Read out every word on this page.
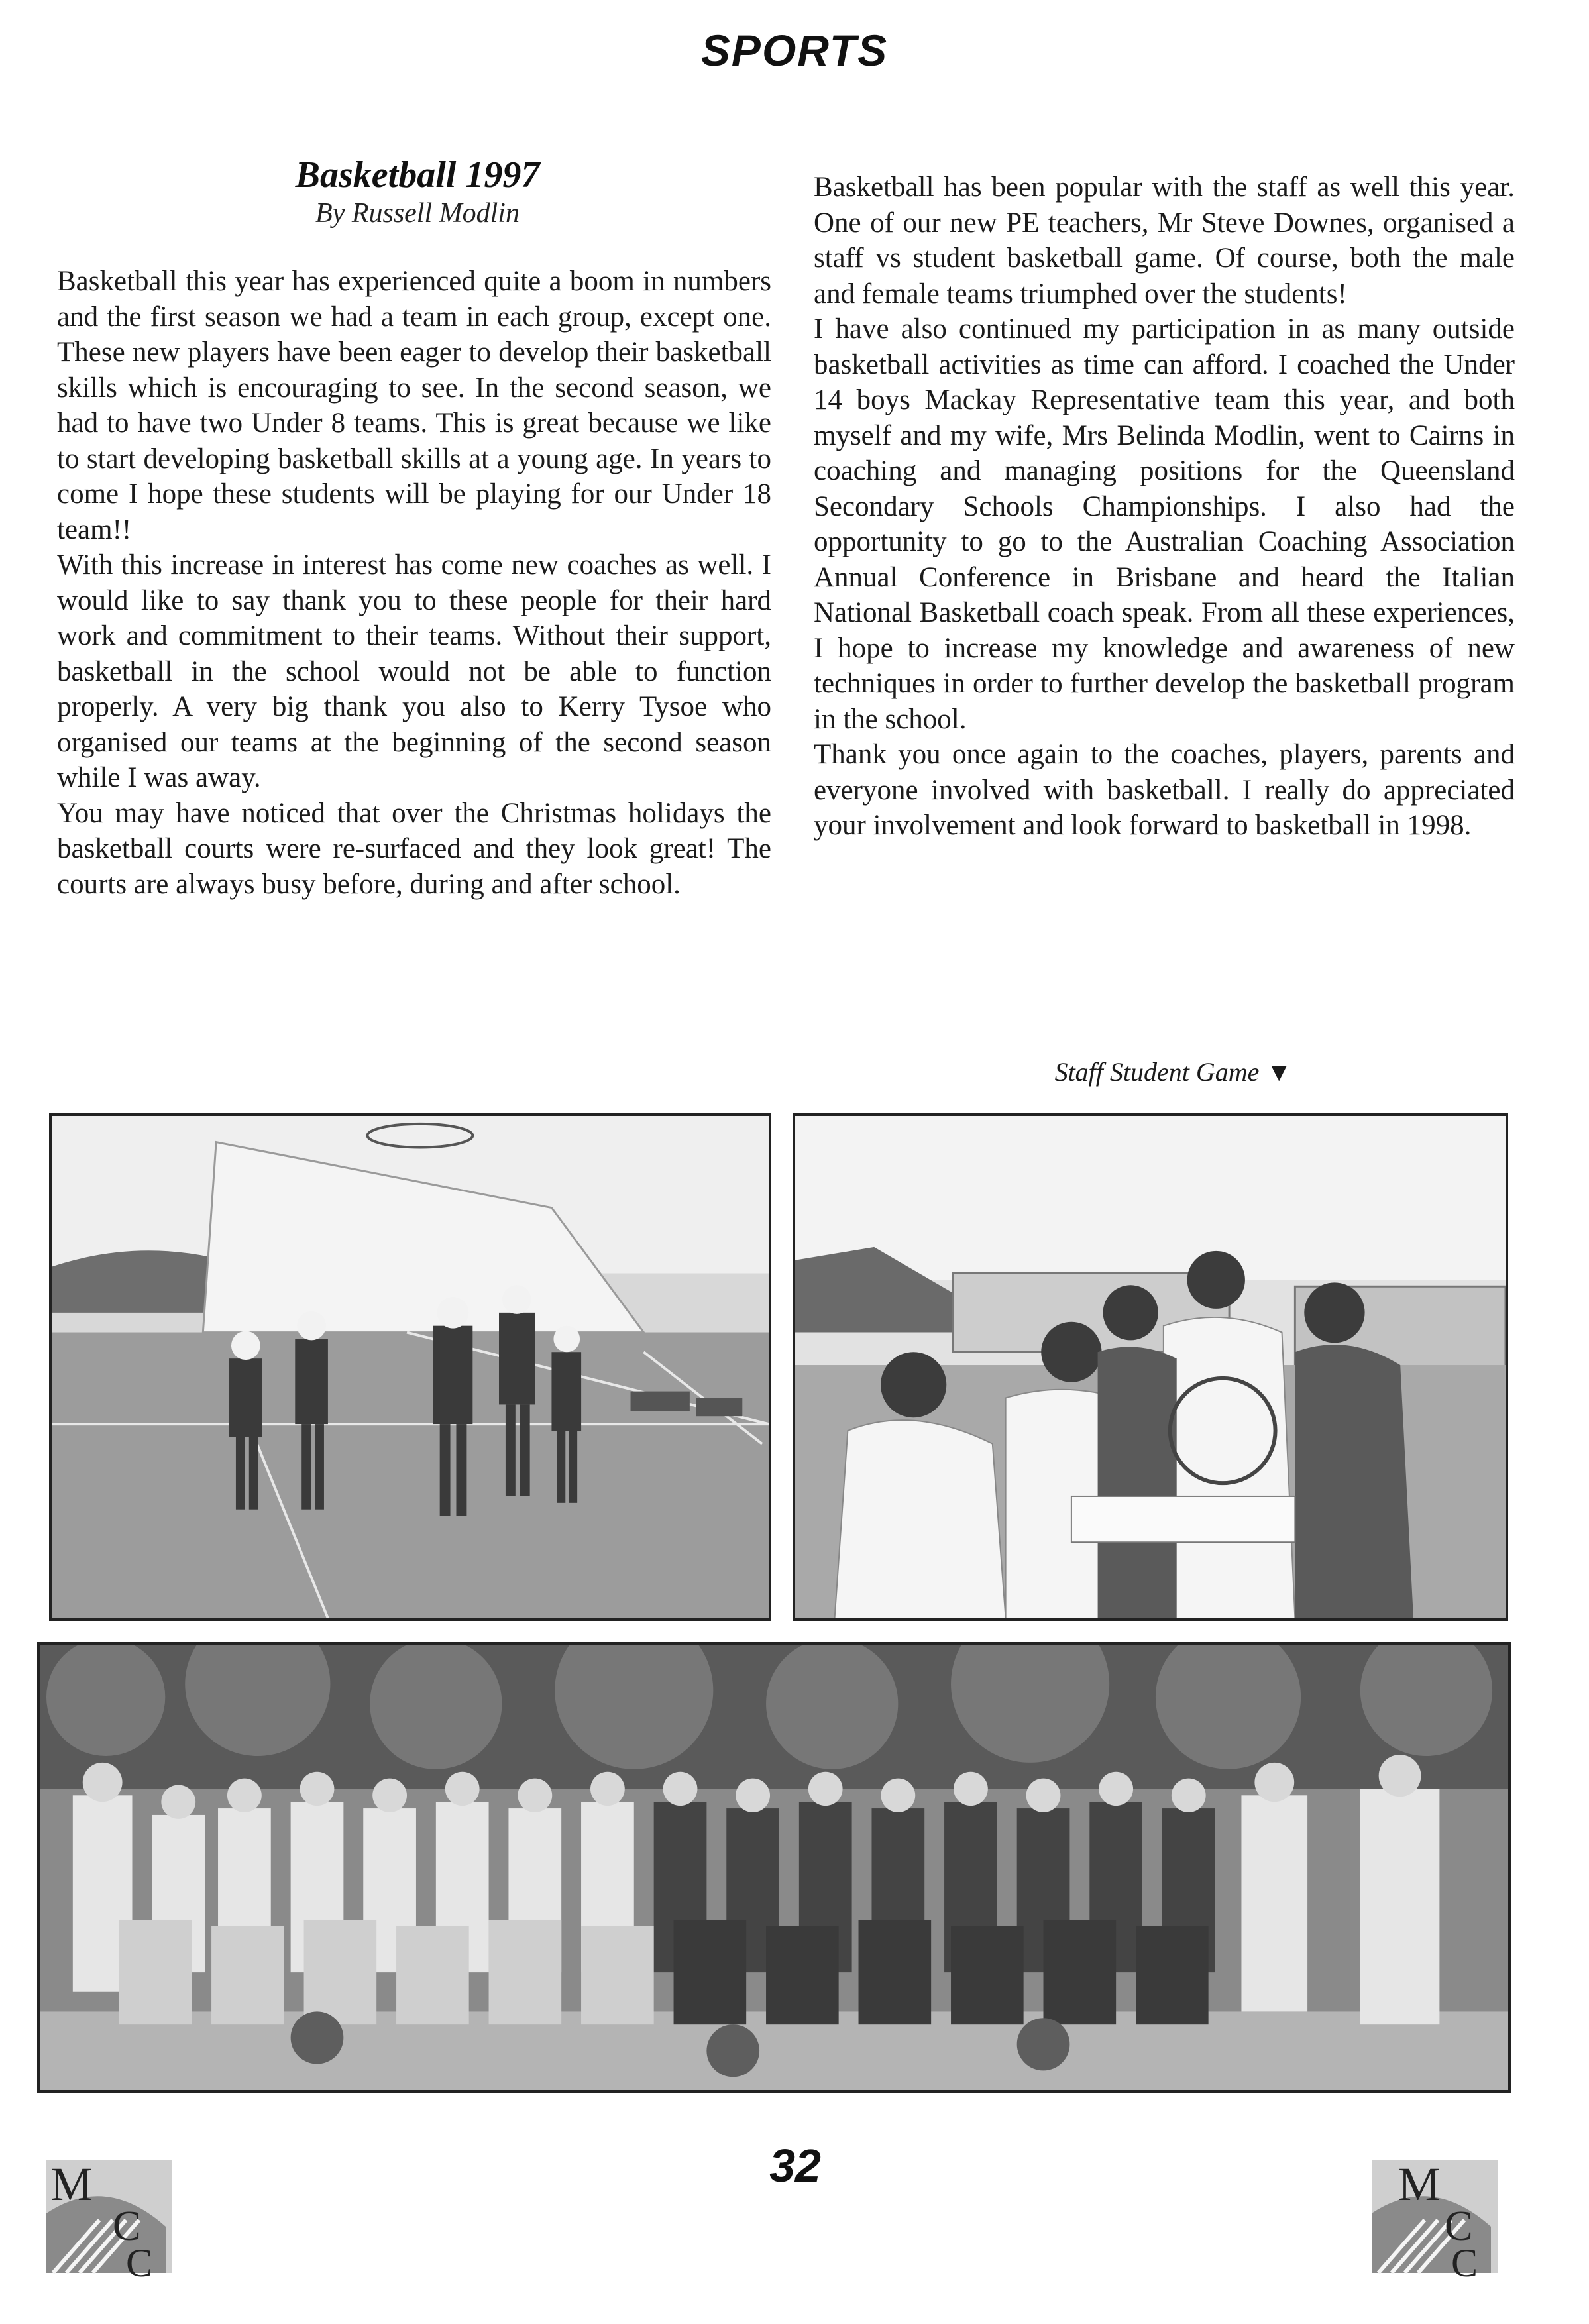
SPORTS
Basketball 1997
By Russell Modlin

Basketball this year has experienced quite a boom in numbers and the first season we had a team in each group, except one. These new players have been eager to develop their basketball skills which is encouraging to see. In the second season, we had to have two Under 8 teams. This is great because we like to start developing basketball skills at a young age. In years to come I hope these students will be playing for our Under 18 team!!

With this increase in interest has come new coaches as well. I would like to say thank you to these people for their hard work and commitment to their teams. Without their support, basketball in the school would not be able to function properly. A very big thank you also to Kerry Tysoe who organised our teams at the beginning of the second season while I was away.

You may have noticed that over the Christmas holidays the basketball courts were re-surfaced and they look great! The courts are always busy before, during and after school.

Basketball has been popular with the staff as well this year. One of our new PE teachers, Mr Steve Downes, organised a staff vs student basketball game. Of course, both the male and female teams triumphed over the students!

I have also continued my participation in as many outside basketball activities as time can afford. I coached the Under 14 boys Mackay Representative team this year, and both myself and my wife, Mrs Belinda Modlin, went to Cairns in coaching and managing positions for the Queensland Secondary Schools Championships. I also had the opportunity to go to the Australian Coaching Association Annual Conference in Brisbane and heard the Italian National Basketball coach speak. From all these experiences, I hope to increase my knowledge and awareness of new techniques in order to further develop the basketball program in the school.

Thank you once again to the coaches, players, parents and everyone involved with basketball. I really do appreciated your involvement and look forward to basketball in 1998.

Staff Student Game ▼
32
M
C
C
M
C
C
